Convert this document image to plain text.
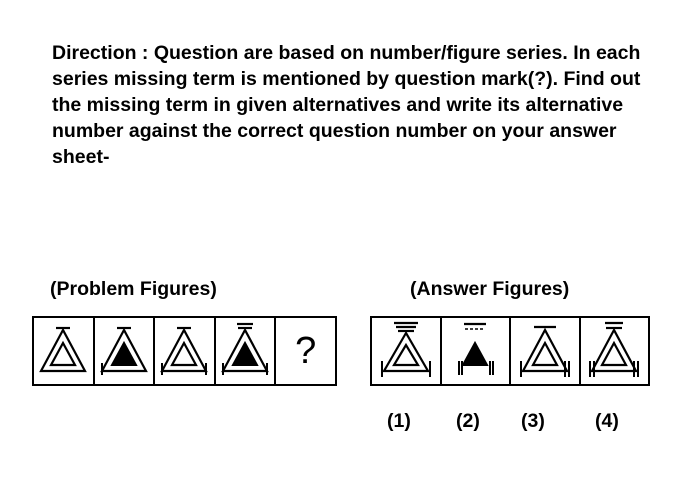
Direction : Question are based on number/figure series. In each series missing term is mentioned by question mark(?). Find out the missing term in given alternatives and write its alternative number against the correct question number on your answer sheet-

(Problem Figures)	(Answer Figures)

?
(1) (2) (3)	(4)
